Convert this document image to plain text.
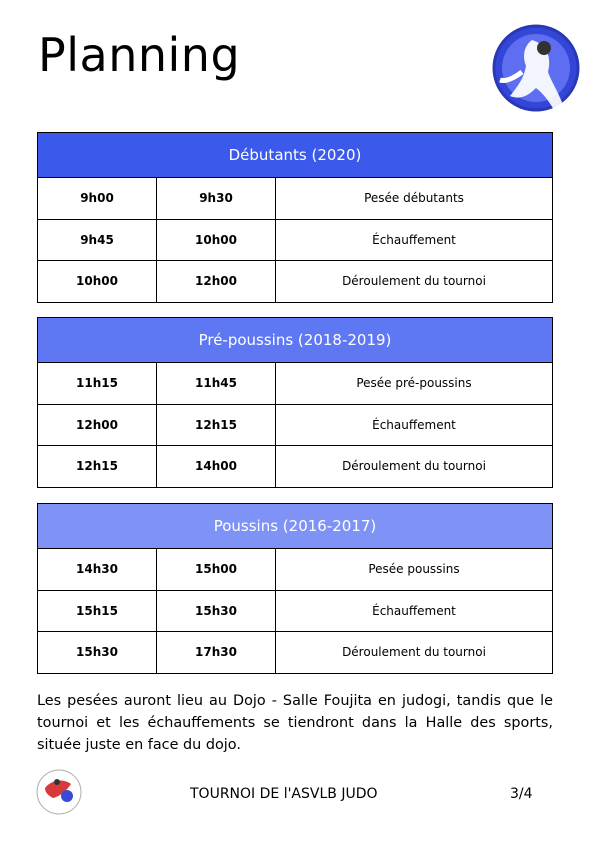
Planning
Débutants (2020)
9h00	9h30	Pesée débutants
9h45	10h00	Échauffement
10h00	12h00	Déroulement du tournoi
Pré-poussins (2018-2019)
11h15	11h45	Pesée pré-poussins
12h00	12h15	Échauffement
12h15	14h00	Déroulement du tournoi
Poussins (2016-2017)
14h30	15h00	Pesée poussins
15h15	15h30	Échauffement
15h30	17h30	Déroulement du tournoi

Les pesées auront lieu au Dojo - Salle Foujita en judogi, tandis que le tournoi et les échauffements se tiendront dans la Halle des sports, située juste en face du dojo.

TOURNOI DE l'ASVLB JUDO	3/4
